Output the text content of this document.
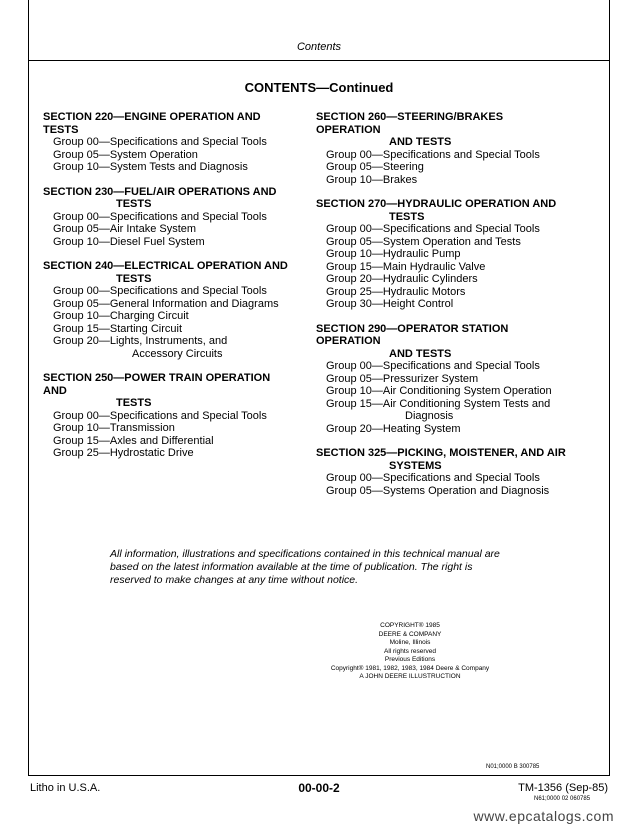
Contents
CONTENTS—Continued
SECTION 220—ENGINE OPERATION AND TESTS
Group 00—Specifications and Special Tools
Group 05—System Operation
Group 10—System Tests and Diagnosis
SECTION 230—FUEL/AIR OPERATIONS AND
TESTS
Group 00—Specifications and Special Tools
Group 05—Air Intake System
Group 10—Diesel Fuel System
SECTION 240—ELECTRICAL OPERATION AND
TESTS
Group 00—Specifications and Special Tools
Group 05—General Information and Diagrams
Group 10—Charging Circuit
Group 15—Starting Circuit
Group 20—Lights, Instruments, and
Accessory Circuits
SECTION 250—POWER TRAIN OPERATION AND
TESTS
Group 00—Specifications and Special Tools
Group 10—Transmission
Group 15—Axles and Differential
Group 25—Hydrostatic Drive
SECTION 260—STEERING/BRAKES OPERATION
AND TESTS
Group 00—Specifications and Special Tools
Group 05—Steering
Group 10—Brakes
SECTION 270—HYDRAULIC OPERATION AND
TESTS
Group 00—Specifications and Special Tools
Group 05—System Operation and Tests
Group 10—Hydraulic Pump
Group 15—Main Hydraulic Valve
Group 20—Hydraulic Cylinders
Group 25—Hydraulic Motors
Group 30—Height Control
SECTION 290—OPERATOR STATION OPERATION
AND TESTS
Group 00—Specifications and Special Tools
Group 05—Pressurizer System
Group 10—Air Conditioning System Operation
Group 15—Air Conditioning System Tests and
Diagnosis
Group 20—Heating System
SECTION 325—PICKING, MOISTENER, AND AIR
SYSTEMS
Group 00—Specifications and Special Tools
Group 05—Systems Operation and Diagnosis
All information, illustrations and specifications contained in this technical manual are based on the latest information available at the time of publication. The right is reserved to make changes at any time without notice.
COPYRIGHT® 1985
DEERE & COMPANY
Moline, Illinois
All rights reserved
Previous Editions
Copyright® 1981, 1982, 1983, 1984 Deere & Company
A JOHN DEERE ILLUSTRUCTION
N01;0000 B 300785
N61;0000 02 060785
Litho in U.S.A.	00-00-2	TM-1356 (Sep-85)
www.epcatalogs.com
